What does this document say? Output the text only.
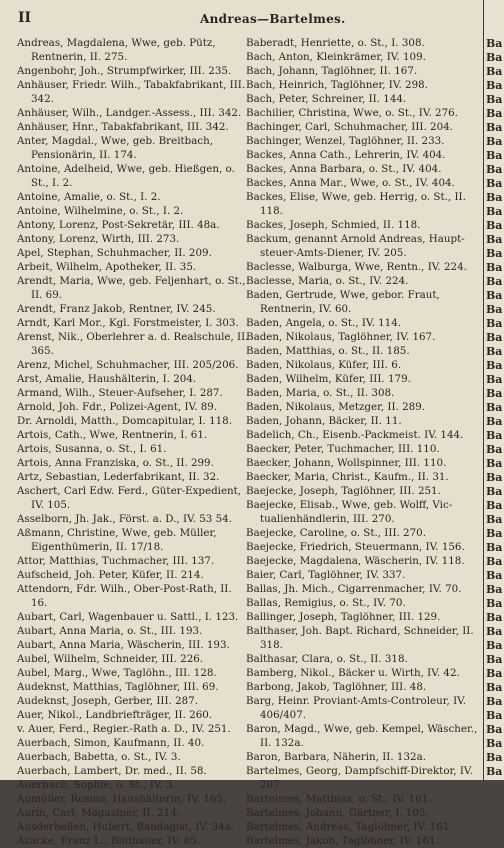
II	Andreas—Bartelmes.

Andreas, Magdalena, Wwe, geb. Pütz, Rentnerin, II. 275.

Angenbohr, Joh., Strumpfwirker, III. 235.

Anhäuser, Friedr. Wilh., Tabakfabrikant, III. 342.

Anhäuser, Wilh., Landger.-Assess., III. 342.

Anhäuser, Hnr., Tabakfabrikant, III. 342.

Anter, Magdal., Wwe, geb. Breitbach, Pensionärin, II. 174.

Antoine, Adelheid, Wwe, geb. Hießgen, o. St., I. 2.

Antoine, Amalie, o. St., I. 2.

Antoine, Wilhelmine, o. St., I. 2.

Antony, Lorenz, Post-Sekretär, III. 48a.

Antony, Lorenz, Wirth, III. 273.

Apel, Stephan, Schuhmacher, II. 209.

Arbeit, Wilhelm, Apotheker, II. 35.

Arendt, Maria, Wwe, geb. Feljenhart, o. St., II. 69.

Arendt, Franz Jakob, Rentner, IV. 245.

Arndt, Karl Mor., Kgl. Forstmeister, I. 303.

Arenst, Nik., Oberlehrer a. d. Realschule, II. 365.

Arenz, Michel, Schuhmacher, III. 205/206.

Arst, Amalie, Haushälterin, I. 204.

Armand, Wilh., Steuer-Aufseher, I. 287.

Arnold, Joh. Fdr., Polizei-Agent, IV. 89.

Dr. Arnoldi, Matth., Domcapitular, I. 118.

Artois, Cath., Wwe, Rentnerin, I. 61.

Artois, Susanna, o. St., I. 61.

Artois, Anna Franziska, o. St., II. 299.

Artz, Sebastian, Lederfabrikant, II. 32.

Aschert, Carl Edw. Ferd., Güter-Expedient, IV. 105.

Asselborn, Jh. Jak., Först. a. D., IV. 53 54.

Aßmann, Christine, Wwe, geb. Müller, Eigenthümerin, II. 17/18.

Attor, Matthias, Tuchmacher, III. 137.

Aufscheid, Joh. Peter, Küfer, II. 214.

Attendorn, Fdr. Wilh., Ober-Post-Rath, II. 16.

Aubart, Carl, Wagenbauer u. Sattl., I. 123.

Aubart, Anna Maria, o. St., III. 193.

Aubart, Anna Maria, Wäscherin, III. 193.

Aubel, Wilhelm, Schneider, III. 226.

Aubel, Marg., Wwe, Taglöhn., III. 128.

Audeknst, Matthias, Taglöhner, III. 69.

Audeknst, Joseph, Gerber, III. 287.

Auer, Nikol., Landbriefträger, II. 260.

v. Auer, Ferd., Regier.-Rath a. D., IV. 251.

Auerbach, Simon, Kaufmann, II. 40.

Auerbach, Babetta, o. St., IV. 3.

Auerbach, Lambert, Dr. med., II. 58.

Auerbach, Sophie, o. St., IV. 3.

Aumüller, Rosina, Haushälterin, IV. 165.

Aurin, Carl, Magaziner, II. 214.

Ausderhellen, Hubert, Bandagist, IV. 34a.

Azacke, Franz L., Bildhauer, IV. 85.

Baberadt, Henriette, o. St., I. 308.

Bach, Anton, Kleinkrämer, IV. 109.

Bach, Johann, Taglöhner, II. 167.

Bach, Heinrich, Taglöhner, IV. 298.

Bach, Peter, Schreiner, II. 144.

Bachilier, Christina, Wwe, o. St., IV. 276.

Bachinger, Carl, Schuhmacher, III. 204.

Bachinger, Wenzel, Taglöhner, II. 233.

Backes, Anna Cath., Lehrerin, IV. 404.

Backes, Anna Barbara, o. St., IV. 404.

Backes, Anna Mar., Wwe, o. St., IV. 404.

Backes, Elise, Wwe, geb. Herrig, o. St., II. 118.

Backes, Joseph, Schmied, II. 118.

Backum, genannt Arnold Andreas, Haupt-steuer-Amts-Diener, IV. 205.

Baclesse, Walburga, Wwe, Rentn., IV. 224.

Baclesse, Maria, o. St., IV. 224.

Baden, Gertrude, Wwe, gebor. Fraut, Rentnerin, IV. 60.

Baden, Angela, o. St., IV. 114.

Baden, Nikolaus, Taglöhner, IV. 167.

Baden, Matthias, o. St., II. 185.

Baden, Nikolaus, Küfer, III. 6.

Baden, Wilhelm, Küfer, III. 179.

Baden, Maria, o. St., II. 308.

Baden, Nikolaus, Metzger, II. 289.

Baden, Johann, Bäcker, II. 11.

Badelich, Ch., Eisenb.-Packmeist. IV. 144.

Baecker, Peter, Tuchmacher, III. 110.

Baecker, Johann, Wollspinner, III. 110.

Baecker, Maria, Christ., Kaufm., II. 31.

Baejecke, Joseph, Taglöhner, III. 251.

Baejecke, Elisab., Wwe, geb. Wolff, Vic-tualienhändlerin, III. 270.

Baejecke, Caroline, o. St., III. 270.

Baejecke, Friedrich, Steuermann, IV. 156.

Baejecke, Magdalena, Wäscherin, IV. 118.

Baier, Carl, Taglöhner, IV. 337.

Ballas, Jh. Mich., Cigarrenmacher, IV. 70.

Ballas, Remigius, o. St., IV. 70.

Ballinger, Joseph, Taglöhner, III. 129.

Balthaser, Joh. Bapt. Richard, Schneider, II. 318.

Balthasar, Clara, o. St., II. 318.

Bamberg, Nikol., Bäcker u. Wirth, IV. 42.

Barbong, Jakob, Taglöhner, III. 48.

Barg, Heinr. Proviant-Amts-Controleur, IV. 406/407.

Baron, Magd., Wwe, geb. Kempel, Wäscher., II. 132a.

Baron, Barbara, Näherin, II. 132a.

Bartelmes, Georg, Dampfschiff-Direktor, IV. 207.

Bartelmes, Matthias, o. St., IV. 161.

Bartelmes, Johann, Gärtner, I. 105.

Bartelmes, Andreas, Taglöhner, IV. 161.

Bartelmes, Jakob, Taglöhner, IV. 161.

Ba
Ba
Ba
Ba
Ba
Ba
Ba
Ba
Ba
Ba
Ba
Ba
Ba
Ba
Ba
Ba
Ba
Ba
Ba
Ba
Ba
Ba
Ba
Ba
Ba
Ba
Ba
Ba
Ba
Ba
Ba
Ba
Ba
Ba
Ba
Ba
Ba
Ba
Ba
Ba
Ba
Ba
Ba
Ba
Ba
Ba
Ba
Ba
Ba
Ba
Ba
Ba
Ba
